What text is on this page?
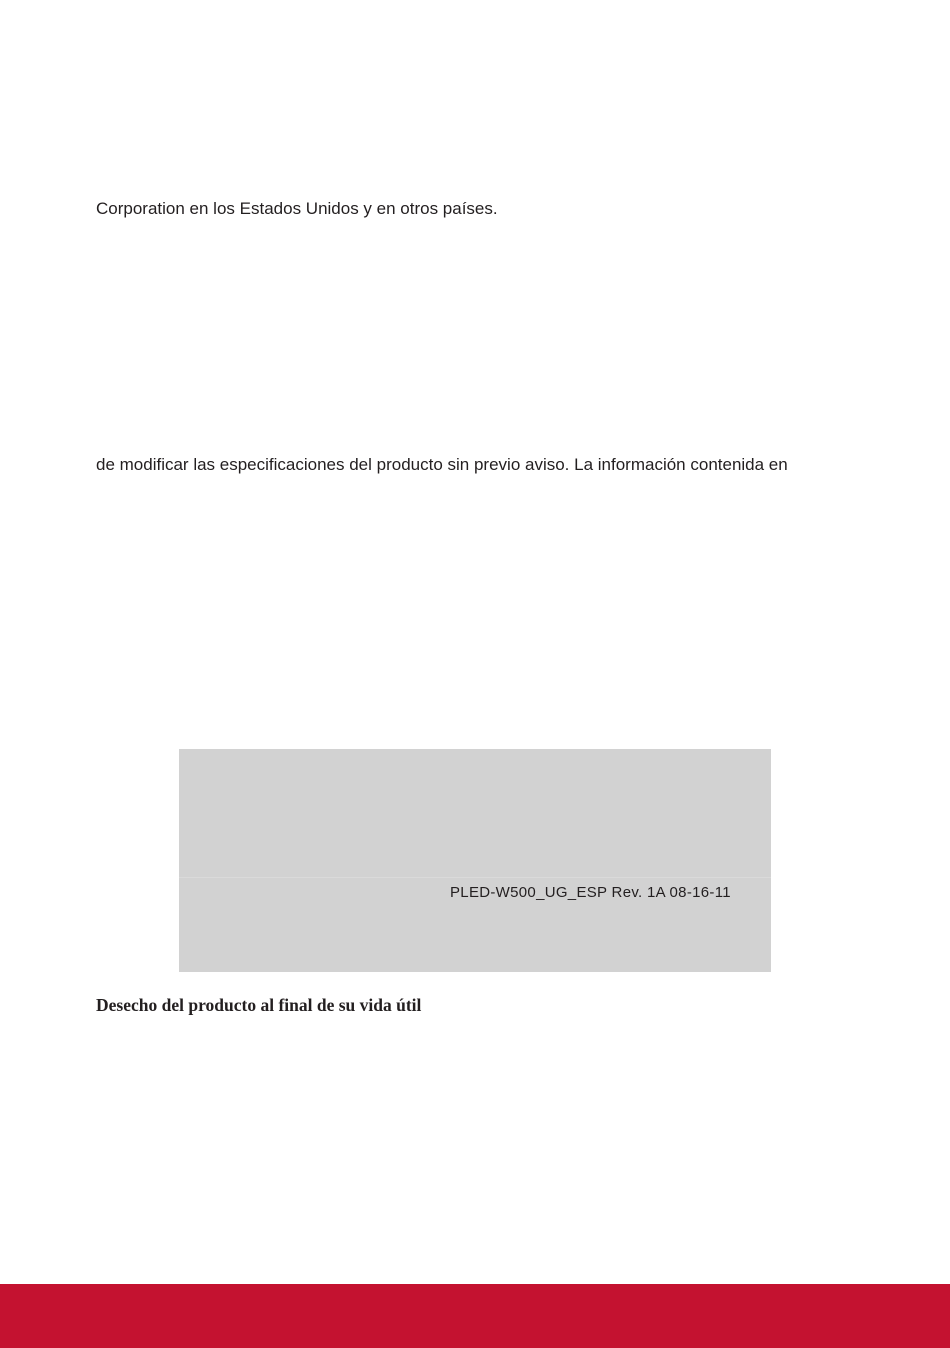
Corporation en los Estados Unidos y en otros países.

de modificar las especificaciones del producto sin previo aviso. La información contenida en

PLED-W500_UG_ESP Rev. 1A 08-16-11
Desecho del producto al final de su vida útil
